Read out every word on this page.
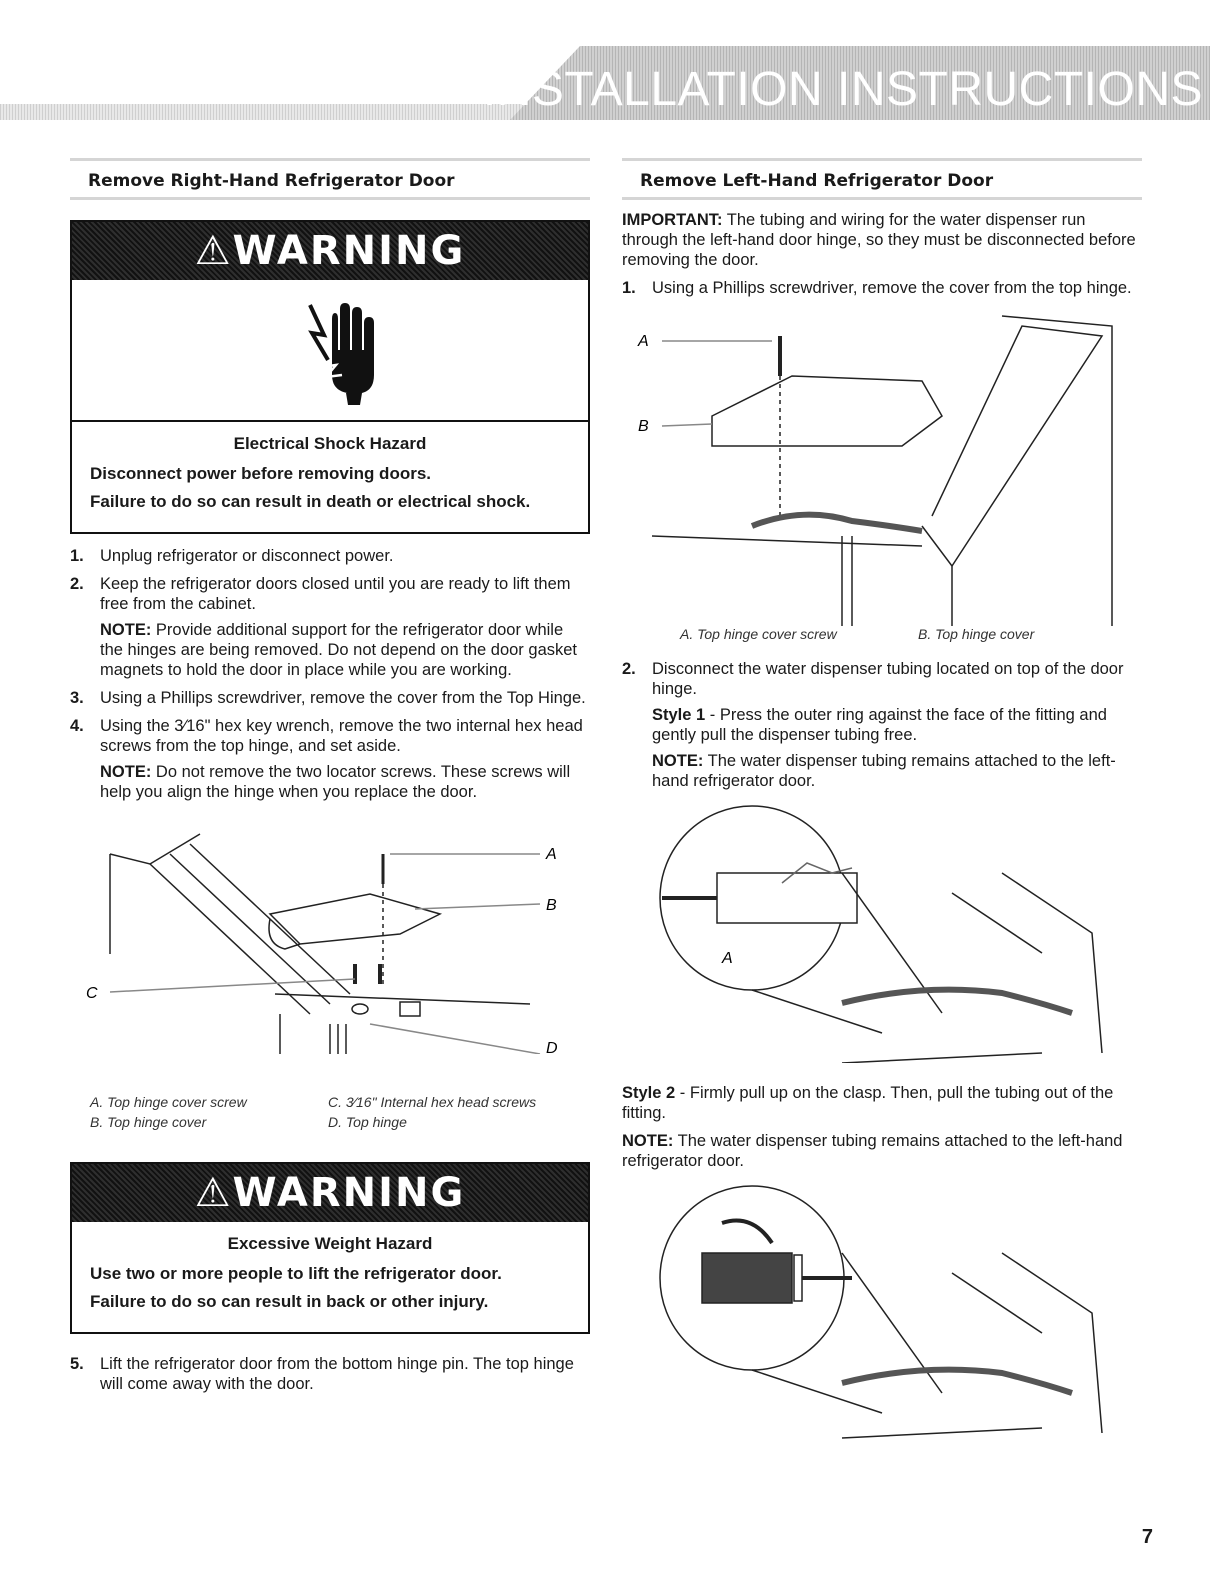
INSTALLATION INSTRUCTIONS
Remove Right-Hand Refrigerator Door
⚠WARNING
Electrical Shock Hazard
Disconnect power before removing doors.
Failure to do so can result in death or electrical shock.
1. Unplug refrigerator or disconnect power.
2. Keep the refrigerator doors closed until you are ready to lift them free from the cabinet.
NOTE: Provide additional support for the refrigerator door while the hinges are being removed. Do not depend on the door gasket magnets to hold the door in place while you are working.
3. Using a Phillips screwdriver, remove the cover from the Top Hinge.
4. Using the 3⁄16" hex key wrench, remove the two internal hex head screws from the top hinge, and set aside.
NOTE: Do not remove the two locator screws. These screws will help you align the hinge when you replace the door.
A
B
C
D
A. Top hinge cover screw
B. Top hinge cover
C. 3⁄16" Internal hex head screws
D. Top hinge
⚠WARNING
Excessive Weight Hazard
Use two or more people to lift the refrigerator door.
Failure to do so can result in back or other injury.
5. Lift the refrigerator door from the bottom hinge pin. The top hinge will come away with the door.
Remove Left-Hand Refrigerator Door
IMPORTANT: The tubing and wiring for the water dispenser run through the left-hand door hinge, so they must be disconnected before removing the door.
1. Using a Phillips screwdriver, remove the cover from the top hinge.
A
B
A. Top hinge cover screw	B. Top hinge cover
2. Disconnect the water dispenser tubing located on top of the door hinge.
Style 1 - Press the outer ring against the face of the fitting and gently pull the dispenser tubing free.
NOTE: The water dispenser tubing remains attached to the left-hand refrigerator door.
A
Style 2 - Firmly pull up on the clasp. Then, pull the tubing out of the fitting.
NOTE: The water dispenser tubing remains attached to the left-hand refrigerator door.
7
